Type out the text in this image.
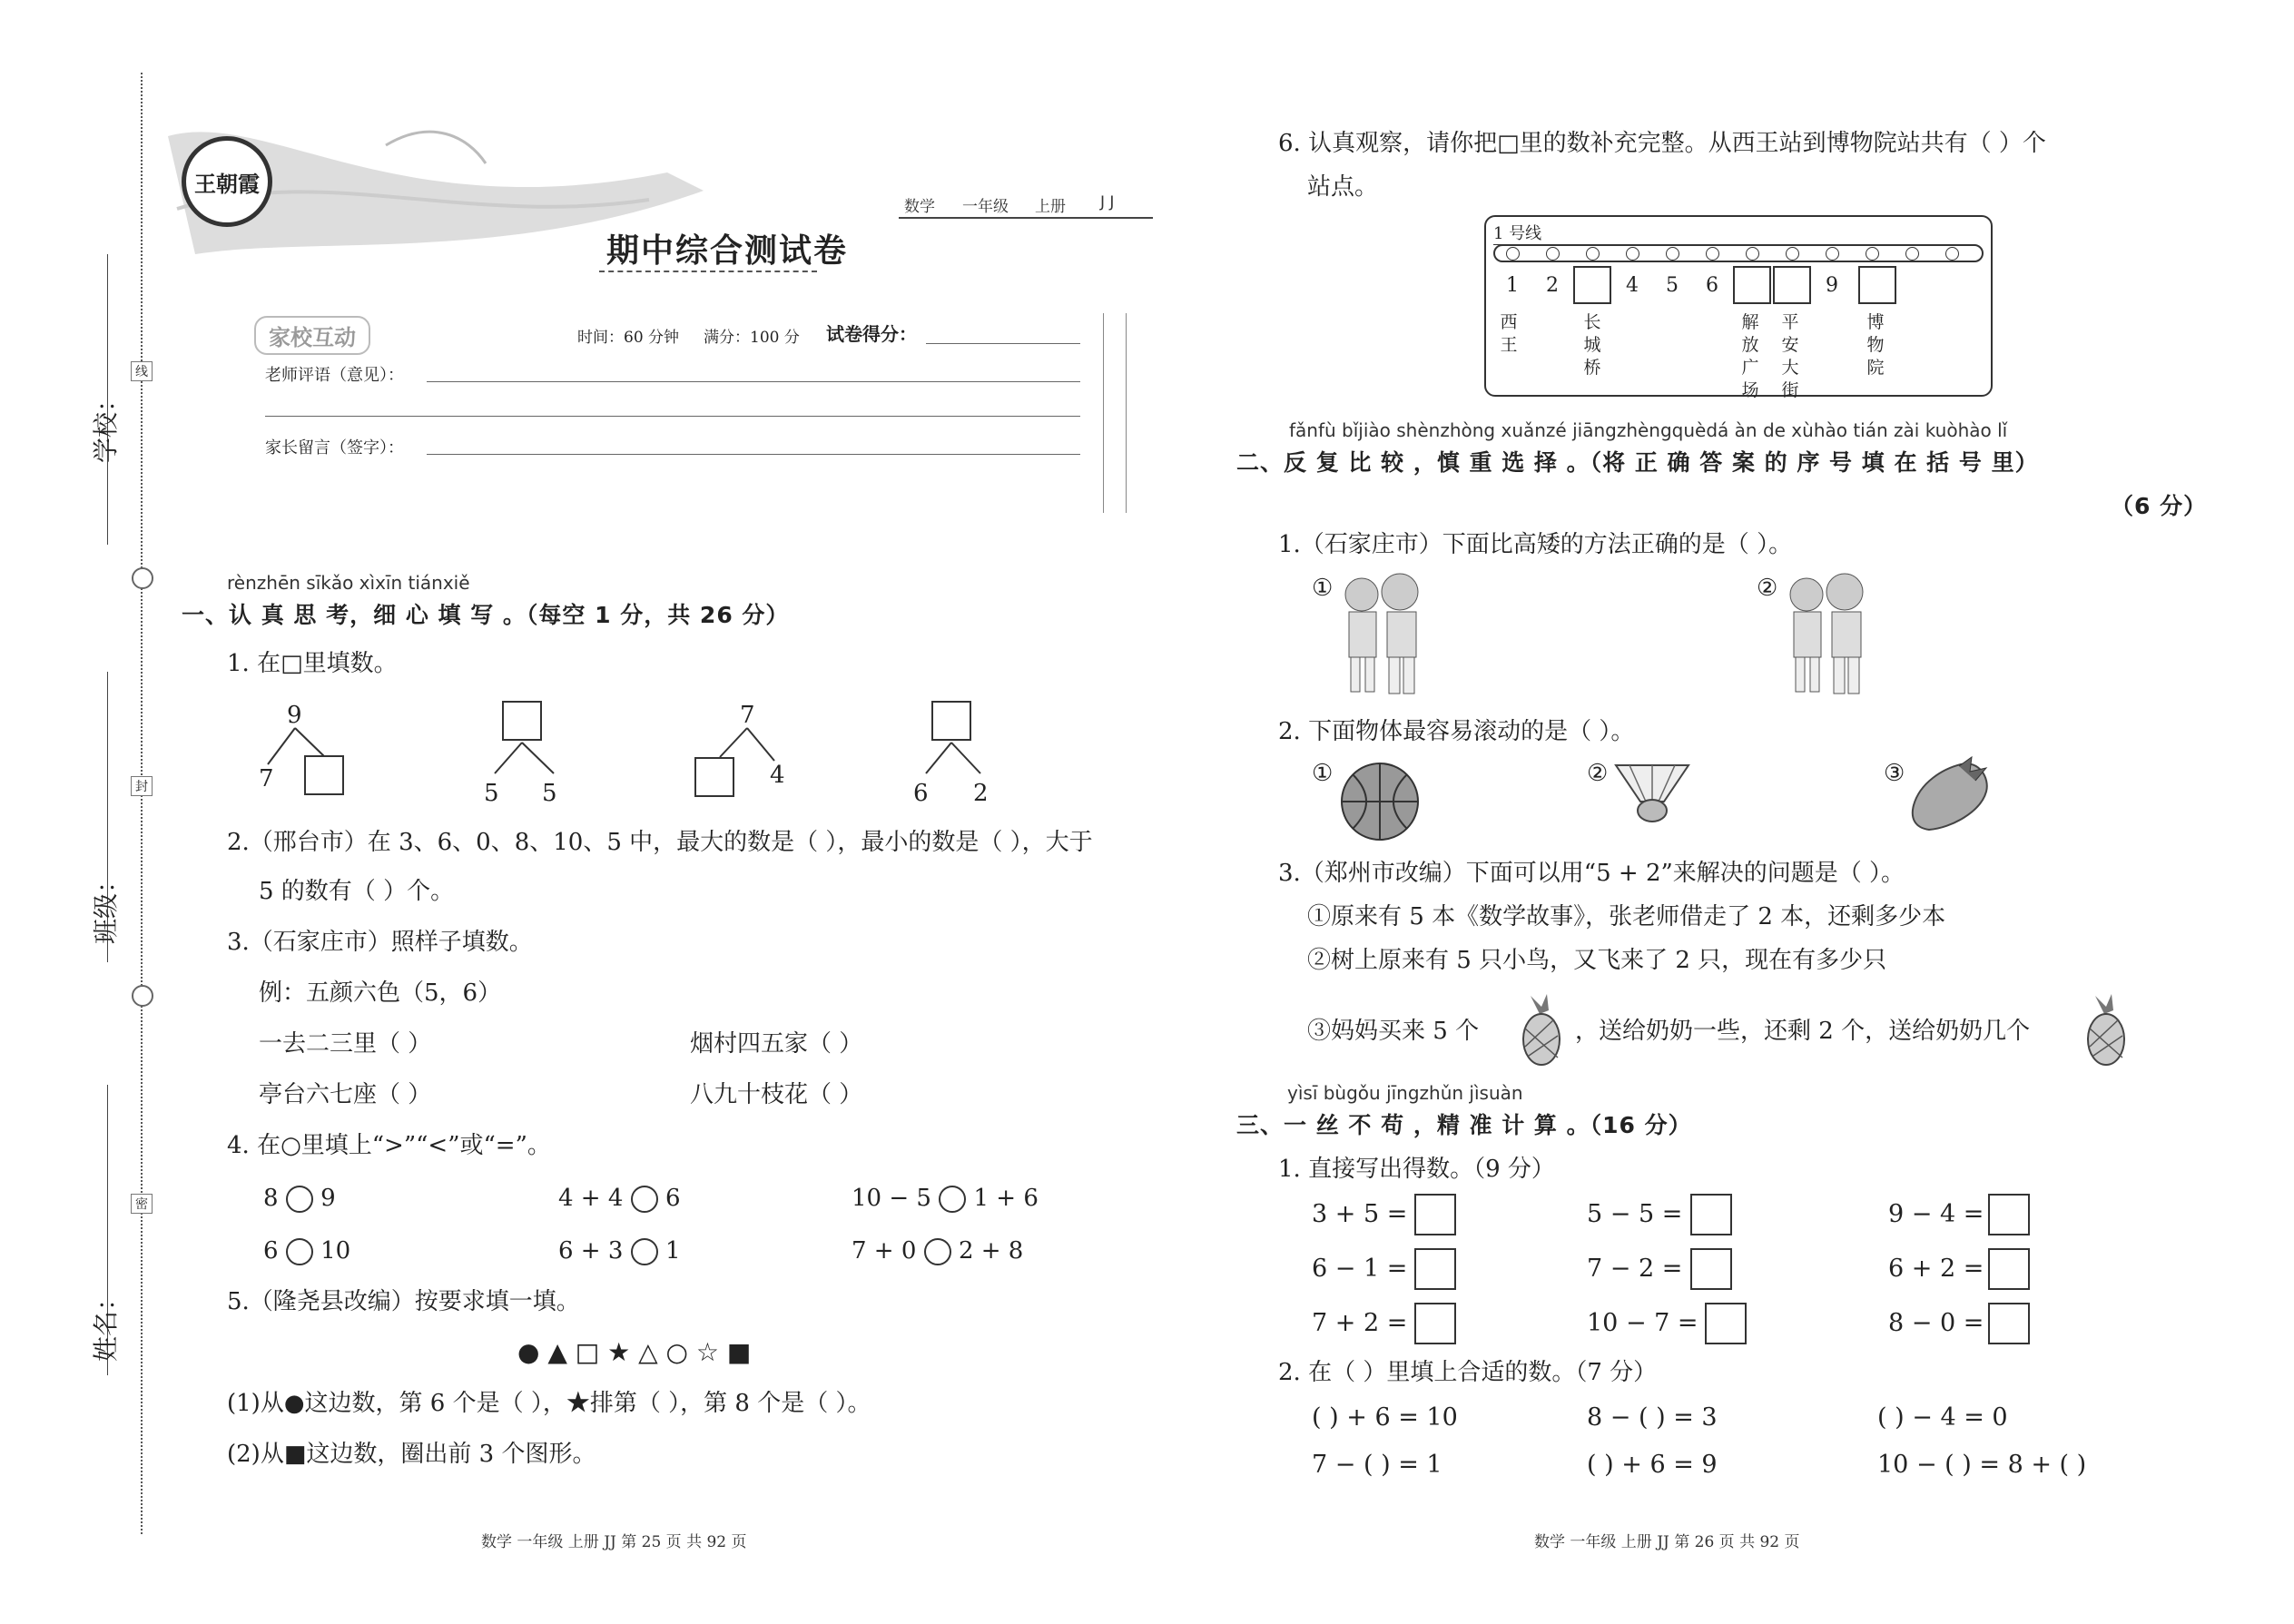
学校：
班级：
姓名：
线
封
密
王朝霞
数学 一年级 上册 J J
期中综合测试卷
家校互动	时间：60 分钟 满分：100 分 试卷得分：
老师评语（意见）：
家长留言（签字）：
rènzhēn sīkǎo xìxīn tiánxiě
一、认 真 思 考，细 心 填 写 。（每空 1 分，共 26 分）
1. 在□里填数。
9
7
5 5
7
4
6 2
2.（邢台市）在 3、6、0、8、10、5 中，最大的数是（ ），最小的数是（ ），大于
5 的数有（ ）个。
3.（石家庄市）照样子填数。
例：五颜六色（5，6）
一去二三里（ ）	烟村四五家（ ）
亭台六七座（ ）	八九十枝花（ ）
4. 在○里填上“>”“<”或“=”。
8 9	4 + 4 6	10 − 5 1 + 6
6 10	6 + 3 1	7 + 0 2 + 8
5.（隆尧县改编）按要求填一填。
● ▲ □ ★ △ ○ ☆ ■
(1)从●这边数，第 6 个是（ ），★排第（ ），第 8 个是（ ）。
(2)从■这边数，圈出前 3 个图形。
数学 一年级 上册 JJ 第 25 页 共 92 页
6. 认真观察，请你把□里的数补充完整。从西王站到博物院站共有（ ）个
站点。
1 号线
1 2	4 5 6	9
西王
长城桥
解放广场
平安大街
博物院
fǎnfù bǐjiào shènzhòng xuǎnzé jiāngzhèngquèdá àn de xùhào tián zài kuòhào lǐ
二、反 复 比 较 ，慎 重 选 择 。（将 正 确 答 案 的 序 号 填 在 括 号 里）
（6 分）
1.（石家庄市）下面比高矮的方法正确的是（ ）。
①	②
2. 下面物体最容易滚动的是（ ）。
①	②	③
3.（郑州市改编）下面可以用“5 + 2”来解决的问题是（ ）。
①原来有 5 本《数学故事》，张老师借走了 2 本，还剩多少本
②树上原来有 5 只小鸟，又飞来了 2 只，现在有多少只
③妈妈买来 5 个	，送给奶奶一些，还剩 2 个，送给奶奶几个
yìsī bùgǒu jīngzhǔn jìsuàn
三、一 丝 不 苟 ，精 准 计 算 。（16 分）
1. 直接写出得数。（9 分）
3 + 5 =	5 − 5 =	9 − 4 =
6 − 1 =	7 − 2 =	6 + 2 =
7 + 2 =	10 − 7 =	8 − 0 =
2. 在（ ）里填上合适的数。（7 分）
( ) + 6 = 10	8 − ( ) = 3	( ) − 4 = 0
7 − ( ) = 1	( ) + 6 = 9	10 − ( ) = 8 + ( )
数学 一年级 上册 JJ 第 26 页 共 92 页
